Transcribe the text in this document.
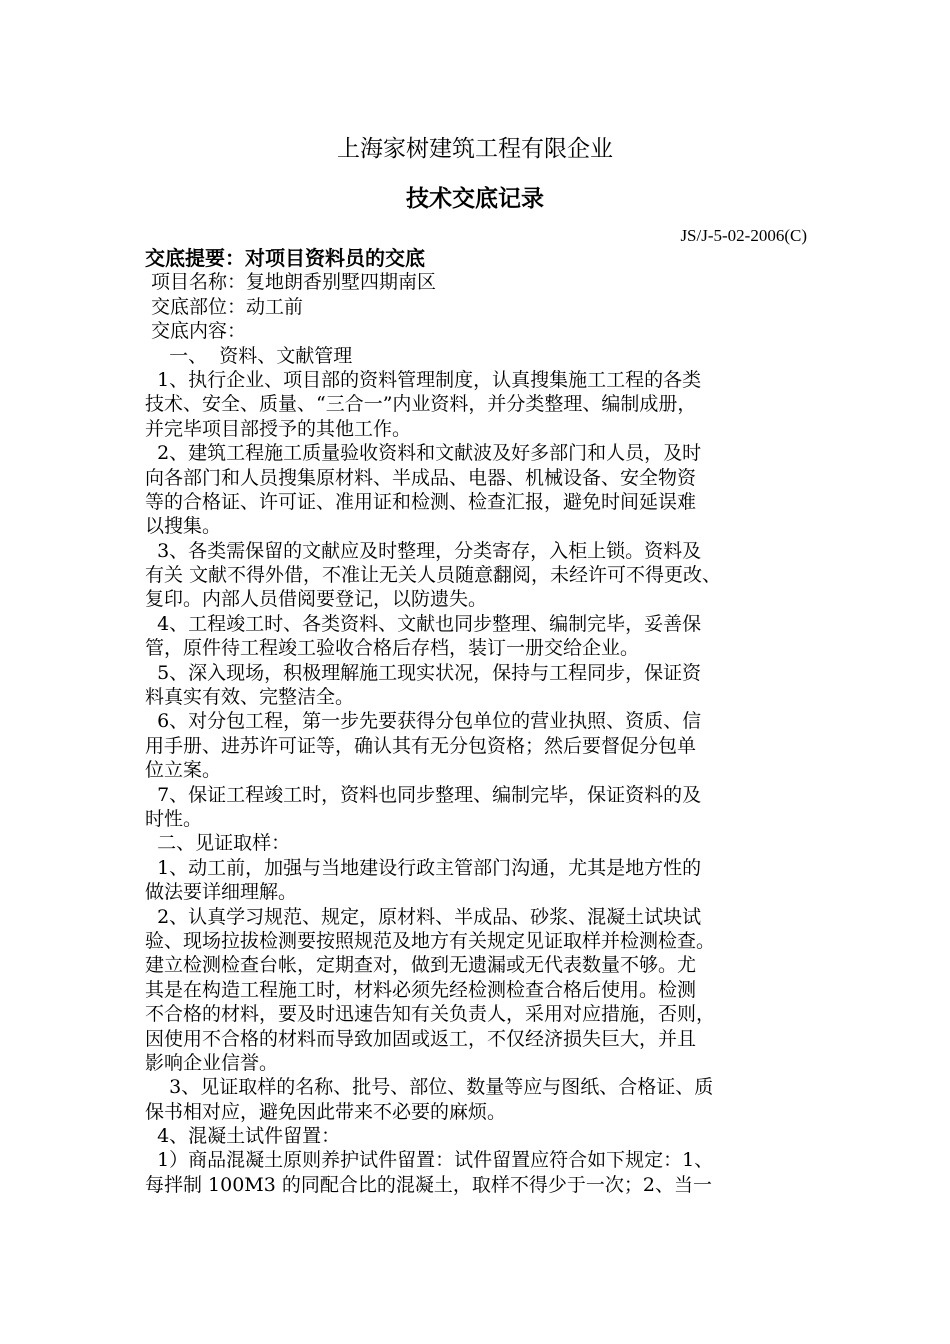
上海家树建筑工程有限企业
技术交底记录
JS/J-5-02-2006(C)
交底提要：对项目资料员的交底
项目名称：复地朗香别墅四期南区
交底部位：动工前
交底内容：
一、  资料、文献管理
1、执行企业、项目部的资料管理制度，认真搜集施工工程的各类
技术、安全、质量、“三合一”内业资料，并分类整理、编制成册，
并完毕项目部授予的其他工作。
2、建筑工程施工质量验收资料和文献波及好多部门和人员，及时
向各部门和人员搜集原材料、半成品、电器、机械设备、安全物资
等的合格证、许可证、准用证和检测、检查汇报，避免时间延误难
以搜集。
3、各类需保留的文献应及时整理，分类寄存，入柜上锁。资料及
有关 文献不得外借，不准让无关人员随意翻阅，未经许可不得更改、
复印。内部人员借阅要登记，以防遗失。
4、工程竣工时、各类资料、文献也同步整理、编制完毕，妥善保
管，原件待工程竣工验收合格后存档，装订一册交给企业。
5、深入现场，积极理解施工现实状况，保持与工程同步，保证资
料真实有效、完整洁全。
6、对分包工程，第一步先要获得分包单位的营业执照、资质、信
用手册、进苏许可证等，确认其有无分包资格；然后要督促分包单
位立案。
7、保证工程竣工时，资料也同步整理、编制完毕，保证资料的及
时性。
二、见证取样：
1、动工前，加强与当地建设行政主管部门沟通，尤其是地方性的
做法要详细理解。
2、认真学习规范、规定，原材料、半成品、砂浆、混凝土试块试
验、现场拉拔检测要按照规范及地方有关规定见证取样并检测检查。
建立检测检查台帐，定期查对，做到无遗漏或无代表数量不够。尤
其是在构造工程施工时，材料必须先经检测检查合格后使用。检测
不合格的材料，要及时迅速告知有关负责人，采用对应措施，否则，
因使用不合格的材料而导致加固或返工，不仅经济损失巨大，并且
影响企业信誉。
3、见证取样的名称、批号、部位、数量等应与图纸、合格证、质
保书相对应，避免因此带来不必要的麻烦。
4、混凝土试件留置：
1）商品混凝土原则养护试件留置：试件留置应符合如下规定：1、
每拌制 100M3 的同配合比的混凝土，取样不得少于一次；2、当一
